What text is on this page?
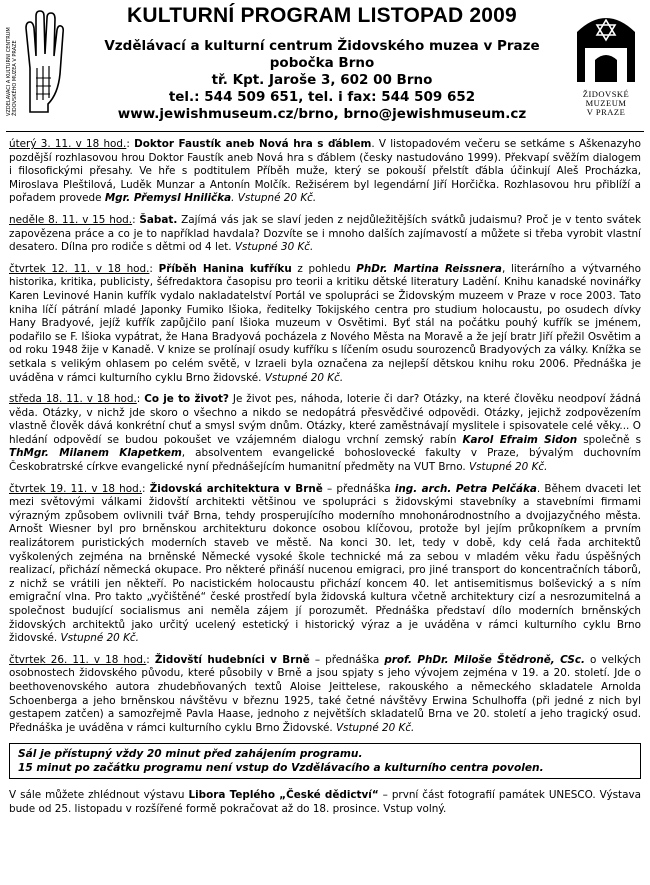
VZDĚLÁVACÍ A KULTURNÍ CENTRUM ŽIDOVSKÉHO MUZEA V PRAZE
KULTURNÍ PROGRAM LISTOPAD 2009
Vzdělávací a kulturní centrum Židovského muzea v Praze
pobočka Brno
tř. Kpt. Jaroše 3, 602 00 Brno
tel.: 544 509 651, tel. i fax: 544 509 652
www.jewishmuseum.cz/brno, brno@jewishmuseum.cz
ŽIDOVSKÉ
MUZEUM
V PRAZE

úterý 3. 11. v 18 hod.: Doktor Faustík aneb Nová hra s ďáblem. V listopadovém večeru se setkáme s Aškenazyho pozdější rozhlasovou hrou Doktor Faustík aneb Nová hra s ďáblem (česky nastudováno 1999). Překvapí svěžím dialogem i filosofickými přesahy. Ve hře s podtitulem Příběh muže, který se pokouší přelstít ďábla účinkují Aleš Procházka, Miroslava Pleštilová, Luděk Munzar a Antonín Molčík. Režisérem byl legendární Jiří Horčička. Rozhlasovou hru přiblíží a pořadem provede Mgr. Přemysl Hnilička. Vstupné 20 Kč.

neděle 8. 11. v 15 hod.: Šabat. Zajímá vás jak se slaví jeden z nejdůležitějších svátků judaismu? Proč je v tento svátek zapovězena práce a co je to například havdala? Dozvíte se i mnoho dalších zajímavostí a můžete si třeba vyrobit vlastní desatero. Dílna pro rodiče s dětmi od 4 let. Vstupné 30 Kč.

čtvrtek 12. 11. v 18 hod.: Příběh Hanina kufříku z pohledu PhDr. Martina Reissnera, literárního a výtvarného historika, kritika, publicisty, šéfredaktora časopisu pro teorii a kritiku dětské literatury Ladění. Knihu kanadské novinářky Karen Levinové Hanin kufřík vydalo nakladatelství Portál ve spolupráci se Židovským muzeem v Praze v roce 2003. Tato kniha líčí pátrání mladé Japonky Fumiko Išioka, ředitelky Tokijského centra pro studium holocaustu, po osudech dívky Hany Bradyové, jejíž kufřík zapůjčilo paní Išioka muzeum v Osvětimi. Byť stál na počátku pouhý kufřík se jménem, podařilo se F. Išioka vypátrat, že Hana Bradyová pocházela z Nového Města na Moravě a že její bratr Jiří přežil Osvětim a od roku 1948 žije v Kanadě. V knize se prolínají osudy kufříku s líčením osudu sourozenců Bradyových za války. Knížka se setkala s velikým ohlasem po celém světě, v Izraeli byla označena za nejlepší dětskou knihu roku 2006. Přednáška je uváděna v rámci kulturního cyklu Brno židovské. Vstupné 20 Kč.

středa 18. 11. v 18 hod.: Co je to život? Je život pes, náhoda, loterie či dar? Otázky, na které člověku neodpoví žádná věda. Otázky, v nichž jde skoro o všechno a nikdo se nedopátrá přesvědčivé odpovědi. Otázky, jejichž zodpovězením vlastně člověk dává konkrétní chuť a smysl svým dnům. Otázky, které zaměstnávají myslitele i spisovatele celé věky... O hledání odpovědí se budou pokoušet ve vzájemném dialogu vrchní zemský rabín Karol Efraim Sidon společně s ThMgr. Milanem Klapetkem, absolventem evangelické bohoslovecké fakulty v Praze, bývalým duchovním Českobratrské církve evangelické nyní přednášejícím humanitní předměty na VUT Brno. Vstupné 20 Kč.

čtvrtek 19. 11. v 18 hod.: Židovská architektura v Brně – přednáška ing. arch. Petra Pelčáka. Během dvaceti let mezi světovými válkami židovští architekti většinou ve spolupráci s židovskými stavebníky a stavebními firmami výrazným způsobem ovlivnili tvář Brna, tehdy prosperujícího moderního mnohonárodnostního a dvojjazyčného města. Arnošt Wiesner byl pro brněnskou architekturu dokonce osobou klíčovou, protože byl jejím průkopníkem a prvním realizátorem puristických moderních staveb ve městě. Na konci 30. let, tedy v době, kdy celá řada architektů vyškolených zejména na brněnské Německé vysoké škole technické má za sebou v mladém věku řadu úspěšných realizací, přichází německá okupace. Pro některé přináší nucenou emigraci, pro jiné transport do koncentračních táborů, z nichž se vrátili jen někteří. Po nacistickém holocaustu přichází koncem 40. let antisemitismus bolševický a s ním emigrační vlna. Pro takto „vyčištěné“ české prostředí byla židovská kultura včetně architektury cizí a nesrozumitelná a společnost budující socialismus ani neměla zájem jí porozumět. Přednáška představí dílo moderních brněnských židovských architektů jako určitý ucelený estetický i historický výraz a je uváděna v rámci kulturního cyklu Brno židovské. Vstupné 20 Kč.

čtvrtek 26. 11. v 18 hod.: Židovští hudebníci v Brně – přednáška prof. PhDr. Miloše Štědroně, CSc. o velkých osobnostech židovského původu, které působily v Brně a jsou spjaty s jeho vývojem zejména v 19. a 20. století. Jde o beethovenovského autora zhudebňovaných textů Aloise Jeittelese, rakouského a německého skladatele Arnolda Schoenberga a jeho brněnskou návštěvu v březnu 1925, také četné návštěvy Erwina Schulhoffa (při jedné z nich byl gestapem zatčen) a samozřejmě Pavla Haase, jednoho z největších skladatelů Brna ve 20. století a jeho tragický osud. Přednáška je uváděna v rámci kulturního cyklu Brno Židovské. Vstupné 20 Kč.

Sál je přístupný vždy 20 minut před zahájením programu.
15 minut po začátku programu není vstup do Vzdělávacího a kulturního centra povolen.

V sále můžete zhlédnout výstavu Libora Teplého „České dědictví“ – první část fotografií památek UNESCO. Výstava bude od 25. listopadu v rozšířené formě pokračovat až do 18. prosince. Vstup volný.
